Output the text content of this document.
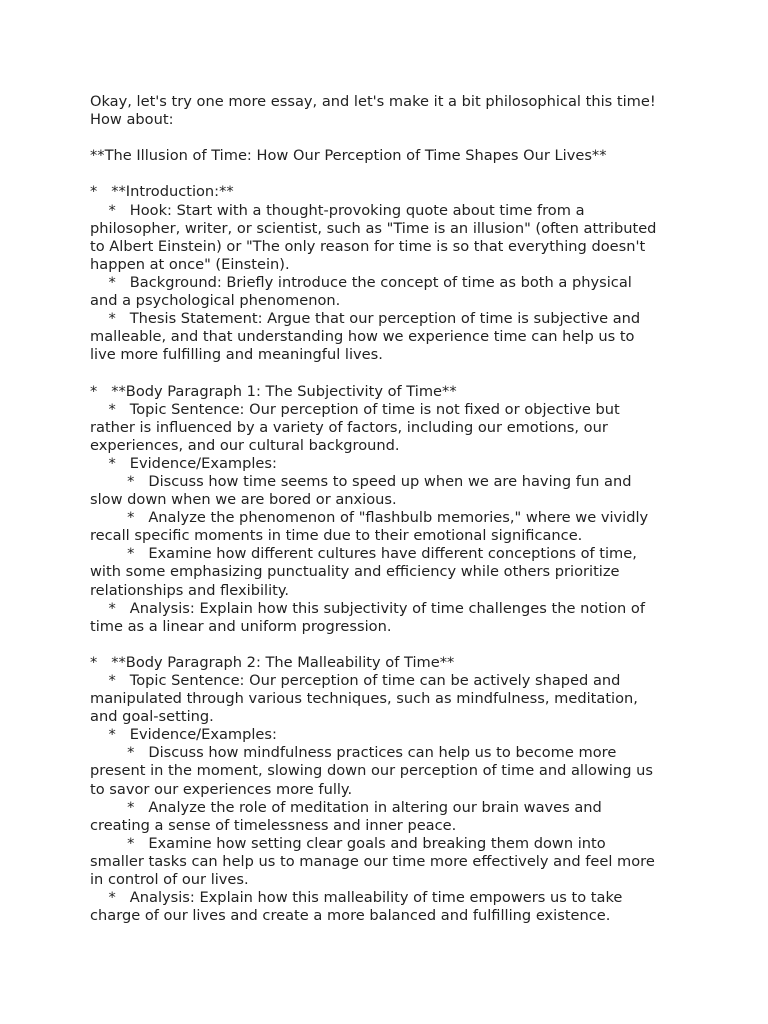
Okay, let's try one more essay, and let's make it a bit philosophical this time!
How about:
**The Illusion of Time: How Our Perception of Time Shapes Our Lives**
*   **Introduction:**
*   Hook: Start with a thought-provoking quote about time from a
philosopher, writer, or scientist, such as "Time is an illusion" (often attributed
to Albert Einstein) or "The only reason for time is so that everything doesn't
happen at once" (Einstein).
*   Background: Briefly introduce the concept of time as both a physical
and a psychological phenomenon.
*   Thesis Statement: Argue that our perception of time is subjective and
malleable, and that understanding how we experience time can help us to
live more fulfilling and meaningful lives.
*   **Body Paragraph 1: The Subjectivity of Time**
*   Topic Sentence: Our perception of time is not fixed or objective but
rather is influenced by a variety of factors, including our emotions, our
experiences, and our cultural background.
*   Evidence/Examples:
*   Discuss how time seems to speed up when we are having fun and
slow down when we are bored or anxious.
*   Analyze the phenomenon of "flashbulb memories," where we vividly
recall specific moments in time due to their emotional significance.
*   Examine how different cultures have different conceptions of time,
with some emphasizing punctuality and efficiency while others prioritize
relationships and flexibility.
*   Analysis: Explain how this subjectivity of time challenges the notion of
time as a linear and uniform progression.
*   **Body Paragraph 2: The Malleability of Time**
*   Topic Sentence: Our perception of time can be actively shaped and
manipulated through various techniques, such as mindfulness, meditation,
and goal-setting.
*   Evidence/Examples:
*   Discuss how mindfulness practices can help us to become more
present in the moment, slowing down our perception of time and allowing us
to savor our experiences more fully.
*   Analyze the role of meditation in altering our brain waves and
creating a sense of timelessness and inner peace.
*   Examine how setting clear goals and breaking them down into
smaller tasks can help us to manage our time more effectively and feel more
in control of our lives.
*   Analysis: Explain how this malleability of time empowers us to take
charge of our lives and create a more balanced and fulfilling existence.
